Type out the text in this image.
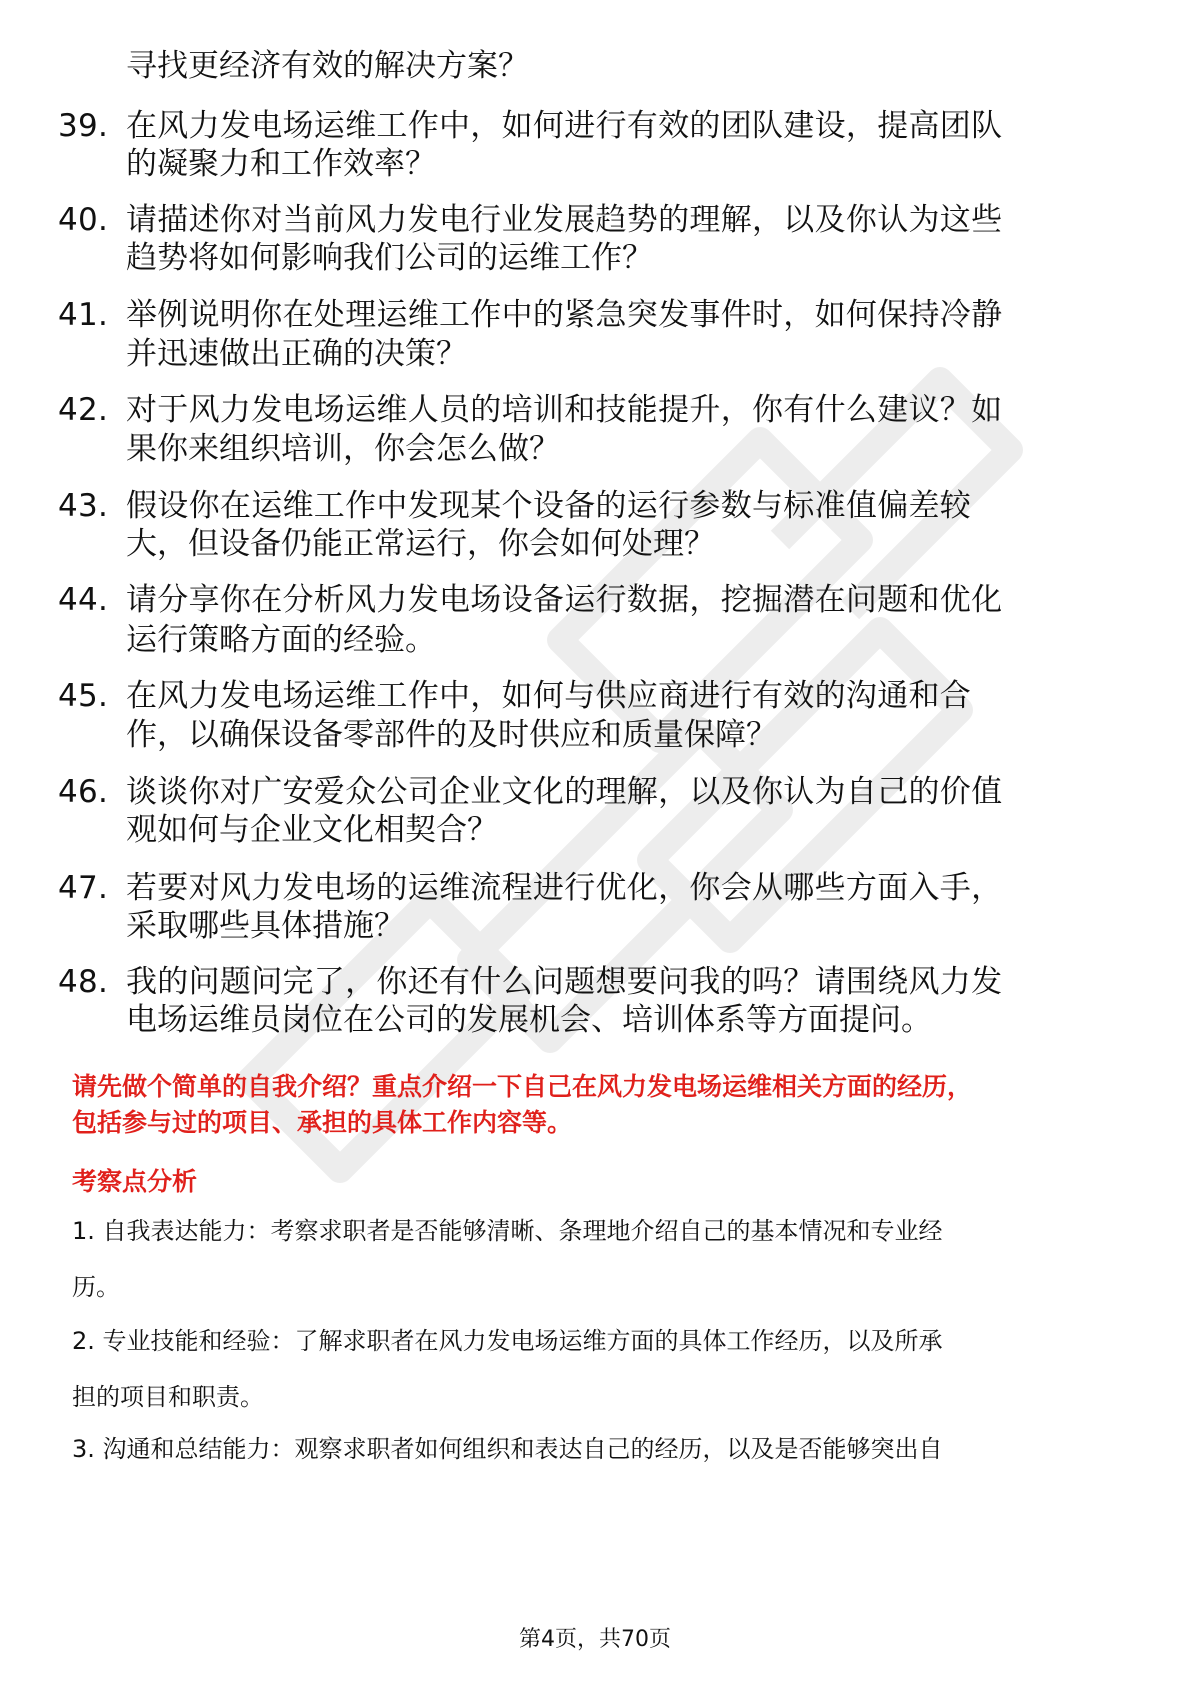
寻找更经济有效的解决方案？
39. 在风力发电场运维工作中，如何进行有效的团队建设，提高团队
的凝聚力和工作效率？
40. 请描述你对当前风力发电行业发展趋势的理解，以及你认为这些
趋势将如何影响我们公司的运维工作？
41. 举例说明你在处理运维工作中的紧急突发事件时，如何保持冷静
并迅速做出正确的决策？
42. 对于风力发电场运维人员的培训和技能提升，你有什么建议？如
果你来组织培训，你会怎么做？
43. 假设你在运维工作中发现某个设备的运行参数与标准值偏差较
大，但设备仍能正常运行，你会如何处理？
44. 请分享你在分析风力发电场设备运行数据，挖掘潜在问题和优化
运行策略方面的经验。
45. 在风力发电场运维工作中，如何与供应商进行有效的沟通和合
作，以确保设备零部件的及时供应和质量保障？
46. 谈谈你对广安爱众公司企业文化的理解，以及你认为自己的价值
观如何与企业文化相契合？
47. 若要对风力发电场的运维流程进行优化，你会从哪些方面入手，
采取哪些具体措施？
48. 我的问题问完了，你还有什么问题想要问我的吗？请围绕风力发
电场运维员岗位在公司的发展机会、培训体系等方面提问。
请先做个简单的自我介绍？重点介绍一下自己在风力发电场运维相关方面的经历，
包括参与过的项目、承担的具体工作内容等。
考察点分析
1. 自我表达能力：考察求职者是否能够清晰、条理地介绍自己的基本情况和专业经
历。
2. 专业技能和经验：了解求职者在风力发电场运维方面的具体工作经历，以及所承
担的项目和职责。
3. 沟通和总结能力：观察求职者如何组织和表达自己的经历，以及是否能够突出自
第4页，共70页
